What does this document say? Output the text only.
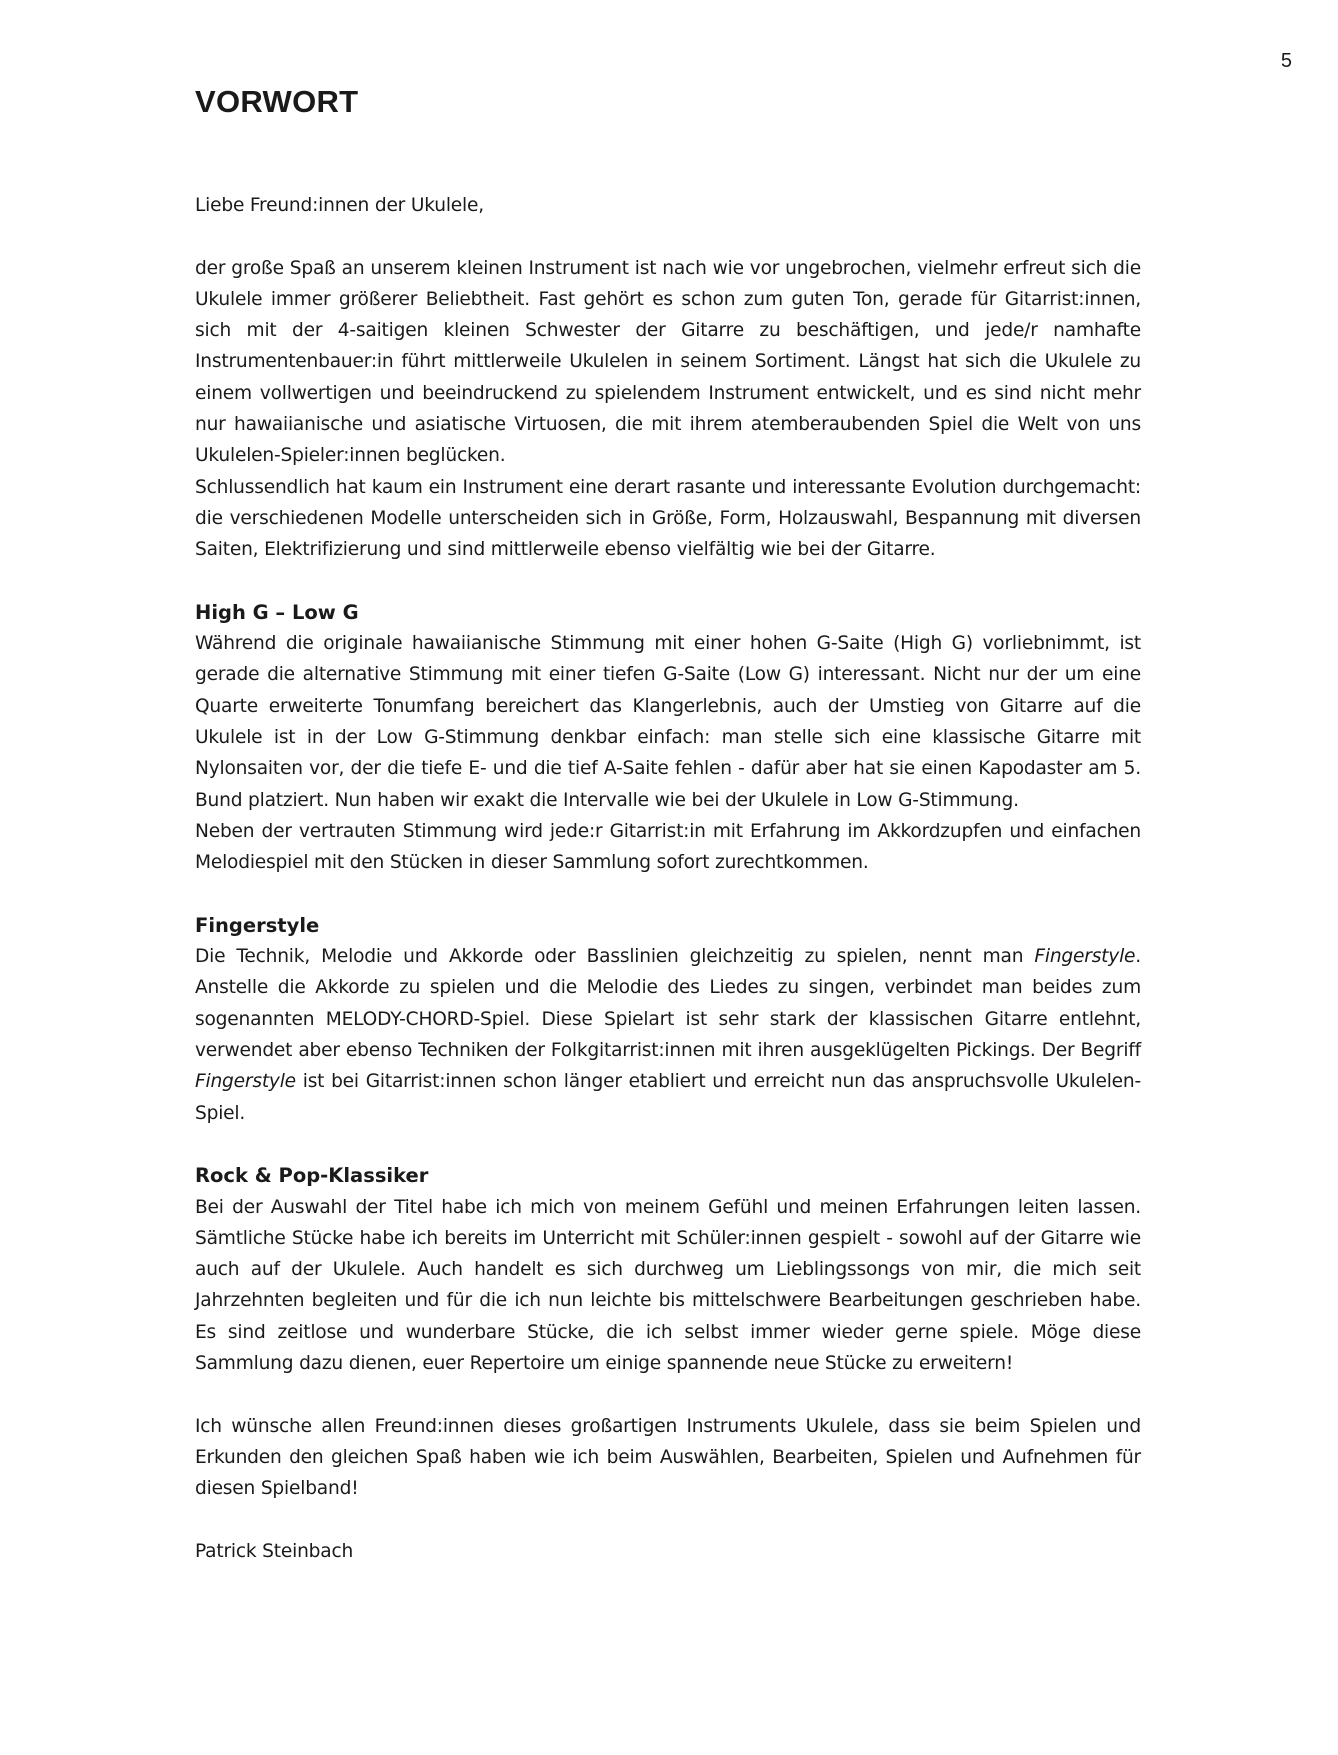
5
VORWORT

Liebe Freund:innen der Ukulele,

der große Spaß an unserem kleinen Instrument ist nach wie vor ungebrochen, vielmehr erfreut sich die Ukulele immer größerer Beliebtheit. Fast gehört es schon zum guten Ton, gerade für Gitarrist:innen, sich mit der 4-saitigen kleinen Schwester der Gitarre zu beschäftigen, und jede/r namhafte Instrumentenbauer:in führt mittlerweile Ukulelen in seinem Sortiment. Längst hat sich die Ukulele zu einem vollwertigen und beeindruckend zu spielendem Instrument entwickelt, und es sind nicht mehr nur hawaiianische und asiatische Virtuosen, die mit ihrem atemberaubenden Spiel die Welt von uns Ukulelen-Spieler:innen beglücken.

Schlussendlich hat kaum ein Instrument eine derart rasante und interessante Evolution durchgemacht: die verschiedenen Modelle unterscheiden sich in Größe, Form, Holzauswahl, Bespannung mit diversen Saiten, Elektrifizierung und sind mittlerweile ebenso vielfältig wie bei der Gitarre.

High G – Low G

Während die originale hawaiianische Stimmung mit einer hohen G-Saite (High G) vorliebnimmt, ist gerade die alternative Stimmung mit einer tiefen G-Saite (Low G) interessant. Nicht nur der um eine Quarte erweiterte Tonumfang bereichert das Klangerlebnis, auch der Umstieg von Gitarre auf die Ukulele ist in der Low G-Stimmung denkbar einfach: man stelle sich eine klassische Gitarre mit Nylonsaiten vor, der die tiefe E- und die tief A-Saite fehlen - dafür aber hat sie einen Kapodaster am 5. Bund platziert. Nun haben wir exakt die Intervalle wie bei der Ukulele in Low G-Stimmung.

Neben der vertrauten Stimmung wird jede:r Gitarrist:in mit Erfahrung im Akkordzupfen und einfachen Melodiespiel mit den Stücken in dieser Sammlung sofort zurechtkommen.

Fingerstyle

Die Technik, Melodie und Akkorde oder Basslinien gleichzeitig zu spielen, nennt man Fingerstyle. Anstelle die Akkorde zu spielen und die Melodie des Liedes zu singen, verbindet man beides zum sogenannten MELODY-CHORD-Spiel. Diese Spielart ist sehr stark der klassischen Gitarre entlehnt, verwendet aber ebenso Techniken der Folkgitarrist:innen mit ihren ausgeklügelten Pickings. Der Begriff Fingerstyle ist bei Gitarrist:innen schon länger etabliert und erreicht nun das anspruchsvolle Ukulelen-Spiel.

Rock & Pop-Klassiker

Bei der Auswahl der Titel habe ich mich von meinem Gefühl und meinen Erfahrungen leiten lassen. Sämtliche Stücke habe ich bereits im Unterricht mit Schüler:innen gespielt - sowohl auf der Gitarre wie auch auf der Ukulele. Auch handelt es sich durchweg um Lieblingssongs von mir, die mich seit Jahrzehnten begleiten und für die ich nun leichte bis mittelschwere Bearbeitungen geschrieben habe. Es sind zeitlose und wunderbare Stücke, die ich selbst immer wieder gerne spiele. Möge diese Sammlung dazu dienen, euer Repertoire um einige spannende neue Stücke zu erweitern!

Ich wünsche allen Freund:innen dieses großartigen Instruments Ukulele, dass sie beim Spielen und Erkunden den gleichen Spaß haben wie ich beim Auswählen, Bearbeiten, Spielen und Aufnehmen für diesen Spielband!

Patrick Steinbach
